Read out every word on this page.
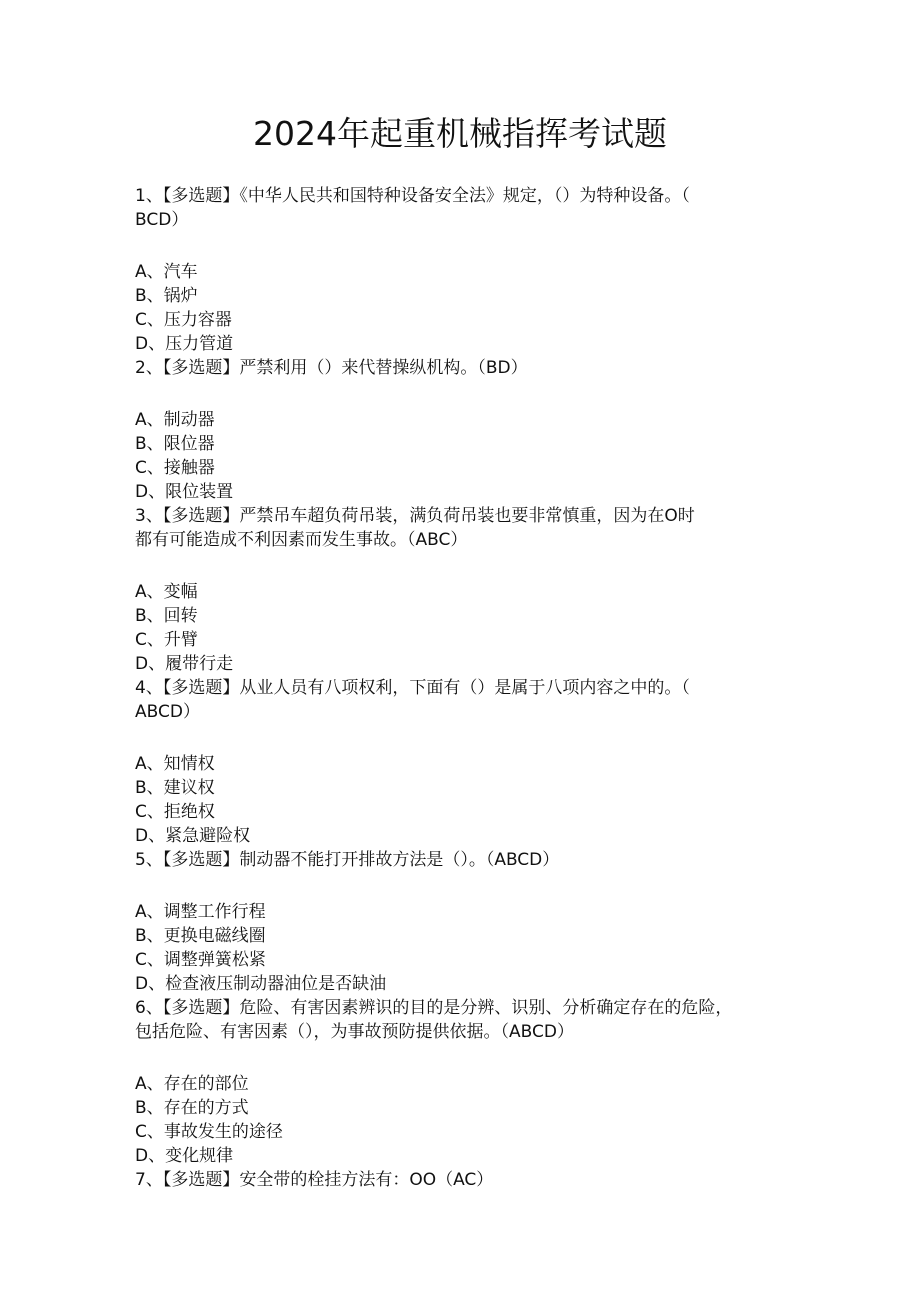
2024年起重机械指挥考试题
1、【多选题】《中华人民共和国特种设备安全法》规定，（）为特种设备。（
BCD）
A、汽车
B、锅炉
C、压力容器
D、压力管道
2、【多选题】严禁利用（）来代替操纵机构。（BD）
A、制动器
B、限位器
C、接触器
D、限位装置
3、【多选题】严禁吊车超负荷吊装，满负荷吊装也要非常慎重，因为在O时
都有可能造成不利因素而发生事故。（ABC）
A、变幅
B、回转
C、升臂
D、履带行走
4、【多选题】从业人员有八项权利，下面有（）是属于八项内容之中的。（
ABCD）
A、知情权
B、建议权
C、拒绝权
D、紧急避险权
5、【多选题】制动器不能打开排故方法是（）。（ABCD）
A、调整工作行程
B、更换电磁线圈
C、调整弹簧松紧
D、检查液压制动器油位是否缺油
6、【多选题】危险、有害因素辨识的目的是分辨、识别、分析确定存在的危险，
包括危险、有害因素（），为事故预防提供依据。（ABCD）
A、存在的部位
B、存在的方式
C、事故发生的途径
D、变化规律
7、【多选题】安全带的栓挂方法有：OO（AC）
